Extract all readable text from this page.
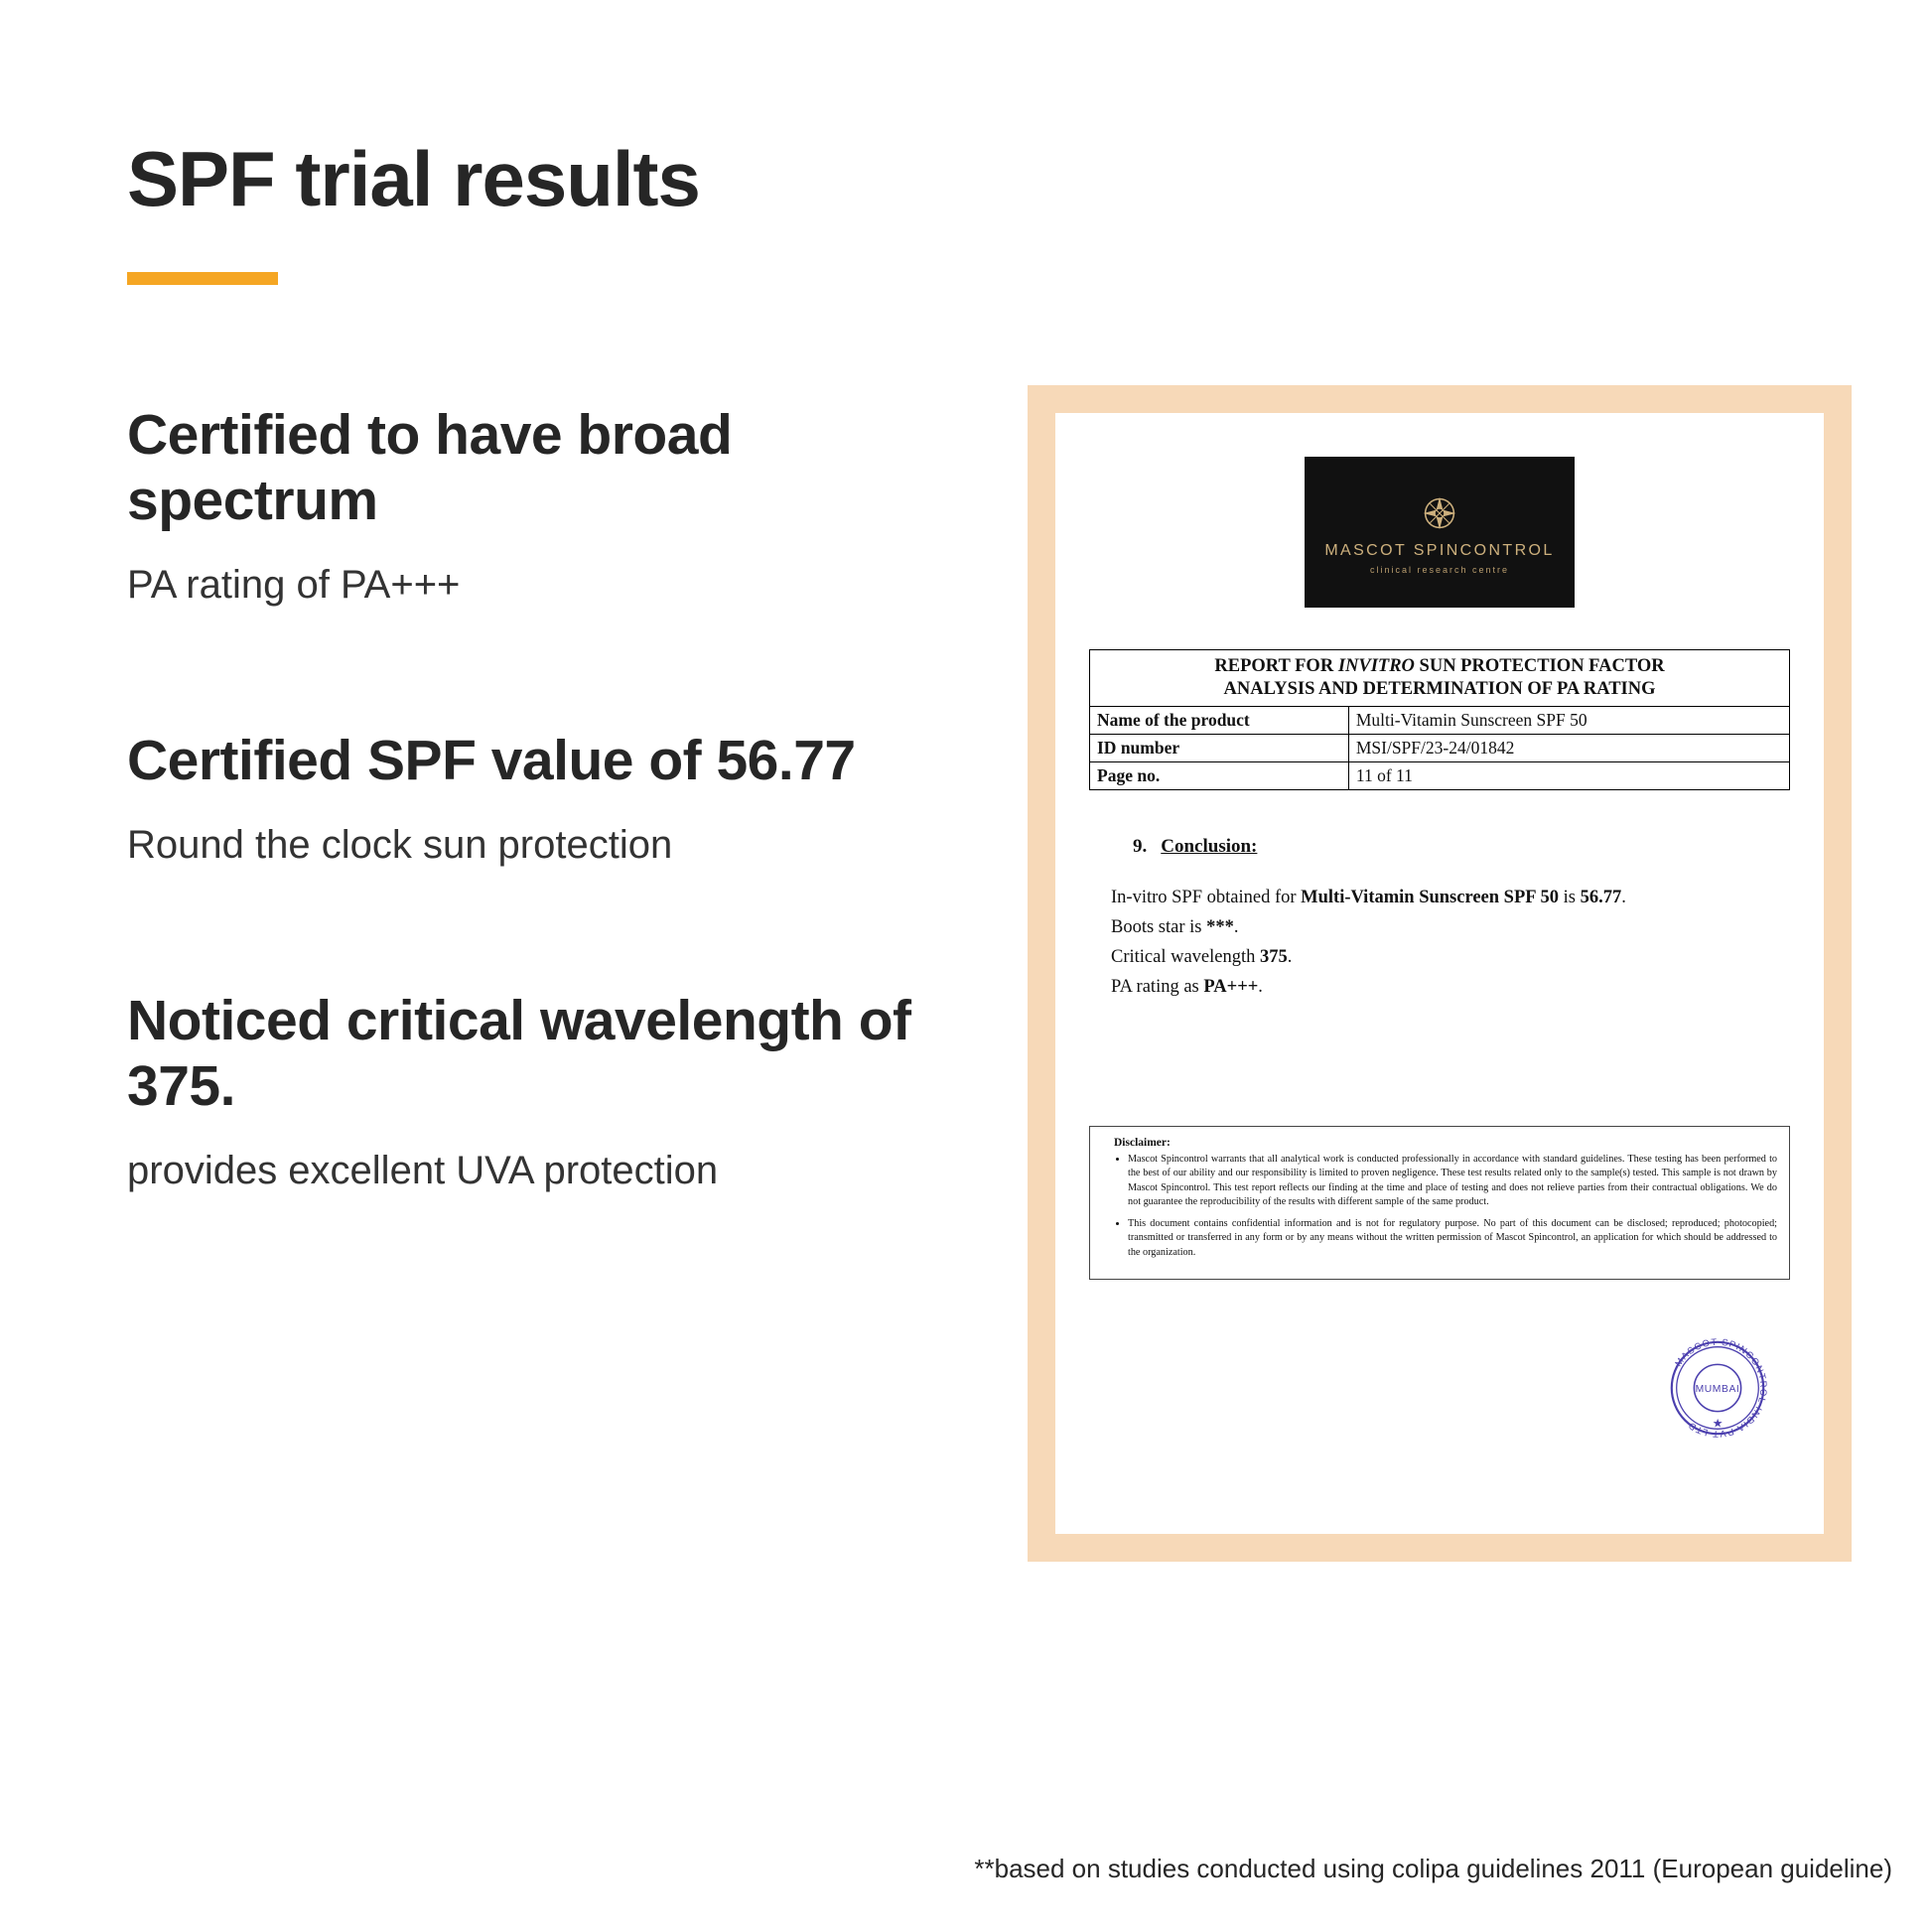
SPF trial results
Certified to have broad spectrum

PA rating of PA+++

Certified SPF value of 56.77

Round the clock sun protection

Noticed critical wavelength of 375.

provides excellent UVA protection

MASCOT SPINCONTROL
clinical research centre
REPORT FOR INVITRO SUN PROTECTION FACTOR
ANALYSIS AND DETERMINATION OF PA RATING	
Name of the product	Multi-Vitamin Sunscreen SPF 50
ID number	MSI/SPF/23-24/01842
Page no.	11 of 11
9. Conclusion:
In-vitro SPF obtained for Multi-Vitamin Sunscreen SPF 50 is 56.77.
Boots star is ***.
Critical wavelength 375.
PA rating as PA+++.
Disclaimer:
• Mascot Spincontrol warrants that all analytical work is conducted professionally in accordance with standard guidelines. These testing has been performed to the best of our ability and our responsibility is limited to proven negligence. These test results related only to the sample(s) tested. This sample is not drawn by Mascot Spincontrol. This test report reflects our finding at the time and place of testing and does not relieve parties from their contractual obligations. We do not guarantee the reproducibility of the results with different sample of the same product.
• This document contains confidential information and is not for regulatory purpose. No part of this document can be disclosed; reproduced; photocopied; transmitted or transferred in any form or by any means without the written permission of Mascot Spincontrol, an application for which should be addressed to the organization.
MASCOT SPINCONTROL INDIA PVT LTD
MUMBAI
★
**based on studies conducted using colipa guidelines 2011 (European guideline)
